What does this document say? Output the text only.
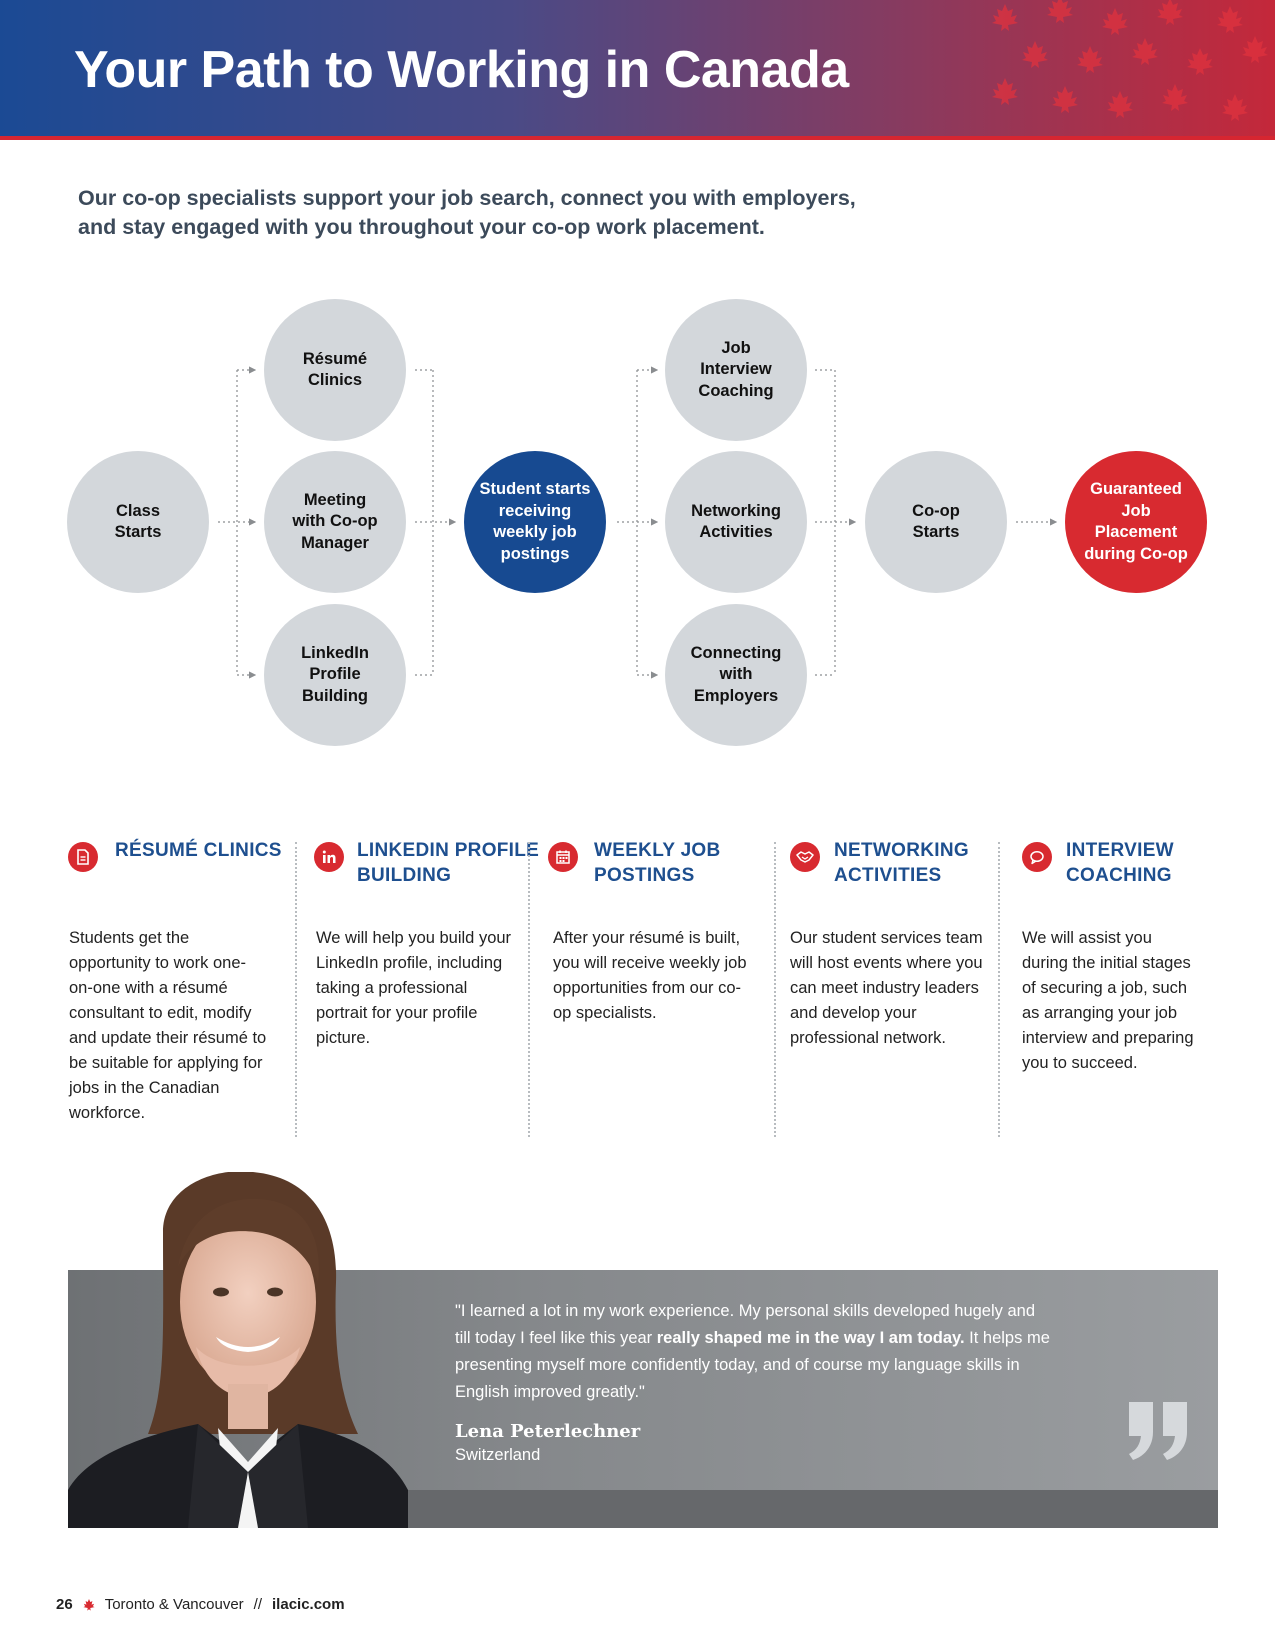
Your Path to Working in Canada

Our co-op specialists support your job search, connect you with employers, and stay engaged with you throughout your co-op work placement.

Class
Starts
Résumé
Clinics
Meeting
with Co-op
Manager
LinkedIn
Profile
Building
Student starts
receiving
weekly job
postings
Job
Interview
Coaching
Networking
Activities
Connecting
with
Employers
Co-op
Starts
Guaranteed
Job
Placement
during Co-op
RÉSUMÉ CLINICS
Students get the opportunity to work one-on-one with a résumé consultant to edit, modify and update their résumé to be suitable for applying for jobs in the Canadian workforce.
LINKEDIN PROFILE BUILDING
We will help you build your LinkedIn profile, including taking a professional portrait for your profile picture.
WEEKLY JOB POSTINGS
After your résumé is built, you will receive weekly job opportunities from our co-op specialists.
NETWORKING ACTIVITIES
Our student services team will host events where you can meet industry leaders and develop your professional network.
INTERVIEW COACHING
We will assist you during the initial stages of securing a job, such as arranging your job interview and preparing you to succeed.

"I learned a lot in my work experience. My personal skills developed hugely and till today I feel like this year really shaped me in the way I am today. It helps me presenting myself more confidently today, and of course my language skills in English improved greatly."

Lena Peterlechner
Switzerland
26 Toronto & Vancouver // ilacic.com
